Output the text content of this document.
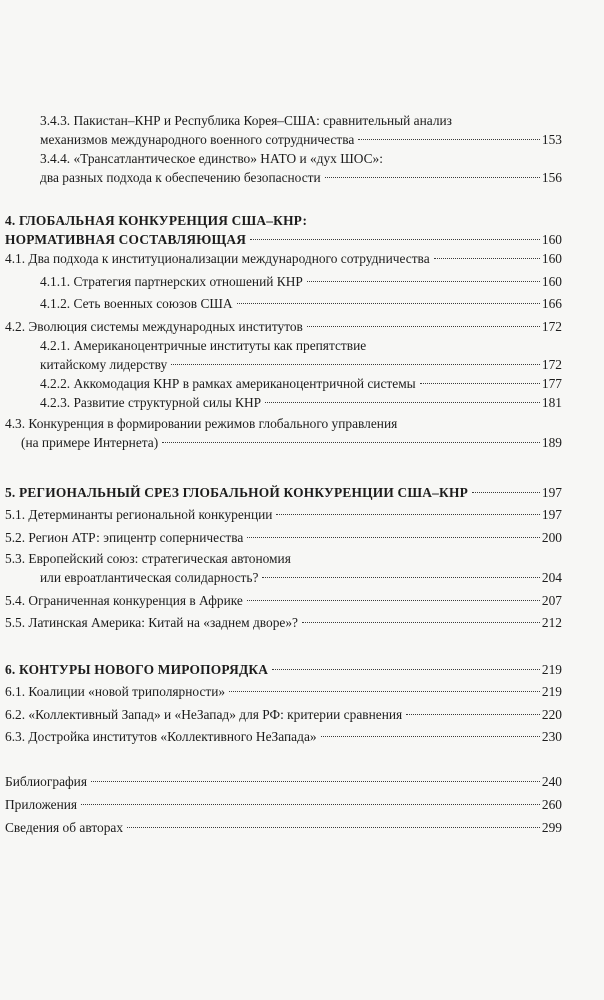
3.4.3. Пакистан–КНР и Республика Корея–США: сравнительный анализ
механизмов международного военного сотрудничества	153
3.4.4. «Трансатлантическое единство» НАТО и «дух ШОС»:
два разных подхода к обеспечению безопасности	156
4. ГЛОБАЛЬНАЯ КОНКУРЕНЦИЯ США–КНР:
НОРМАТИВНАЯ СОСТАВЛЯЮЩАЯ	160
4.1. Два подхода к институционализации международного сотрудничества	160
4.1.1. Стратегия партнерских отношений КНР	160
4.1.2. Сеть военных союзов США	166
4.2. Эволюция системы международных институтов	172
4.2.1. Американоцентричные институты как препятствие
китайскому лидерству	172
4.2.2. Аккомодация КНР в рамках американоцентричной системы	177
4.2.3. Развитие структурной силы КНР	181
4.3. Конкуренция в формировании режимов глобального управления
(на примере Интернета)	189
5. РЕГИОНАЛЬНЫЙ СРЕЗ ГЛОБАЛЬНОЙ КОНКУРЕНЦИИ США–КНР	197
5.1. Детерминанты региональной конкуренции	197
5.2. Регион АТР: эпицентр соперничества	200
5.3. Европейский союз: стратегическая автономия
или евроатлантическая солидарность?	204
5.4. Ограниченная конкуренция в Африке	207
5.5. Латинская Америка: Китай на «заднем дворе»?	212
6. КОНТУРЫ НОВОГО МИРОПОРЯДКА	219
6.1. Коалиции «новой триполярности»	219
6.2. «Коллективный Запад» и «НеЗапад» для РФ: критерии сравнения	220
6.3. Достройка институтов «Коллективного НеЗапада»	230
Библиография	240
Приложения	260
Сведения об авторах	299
